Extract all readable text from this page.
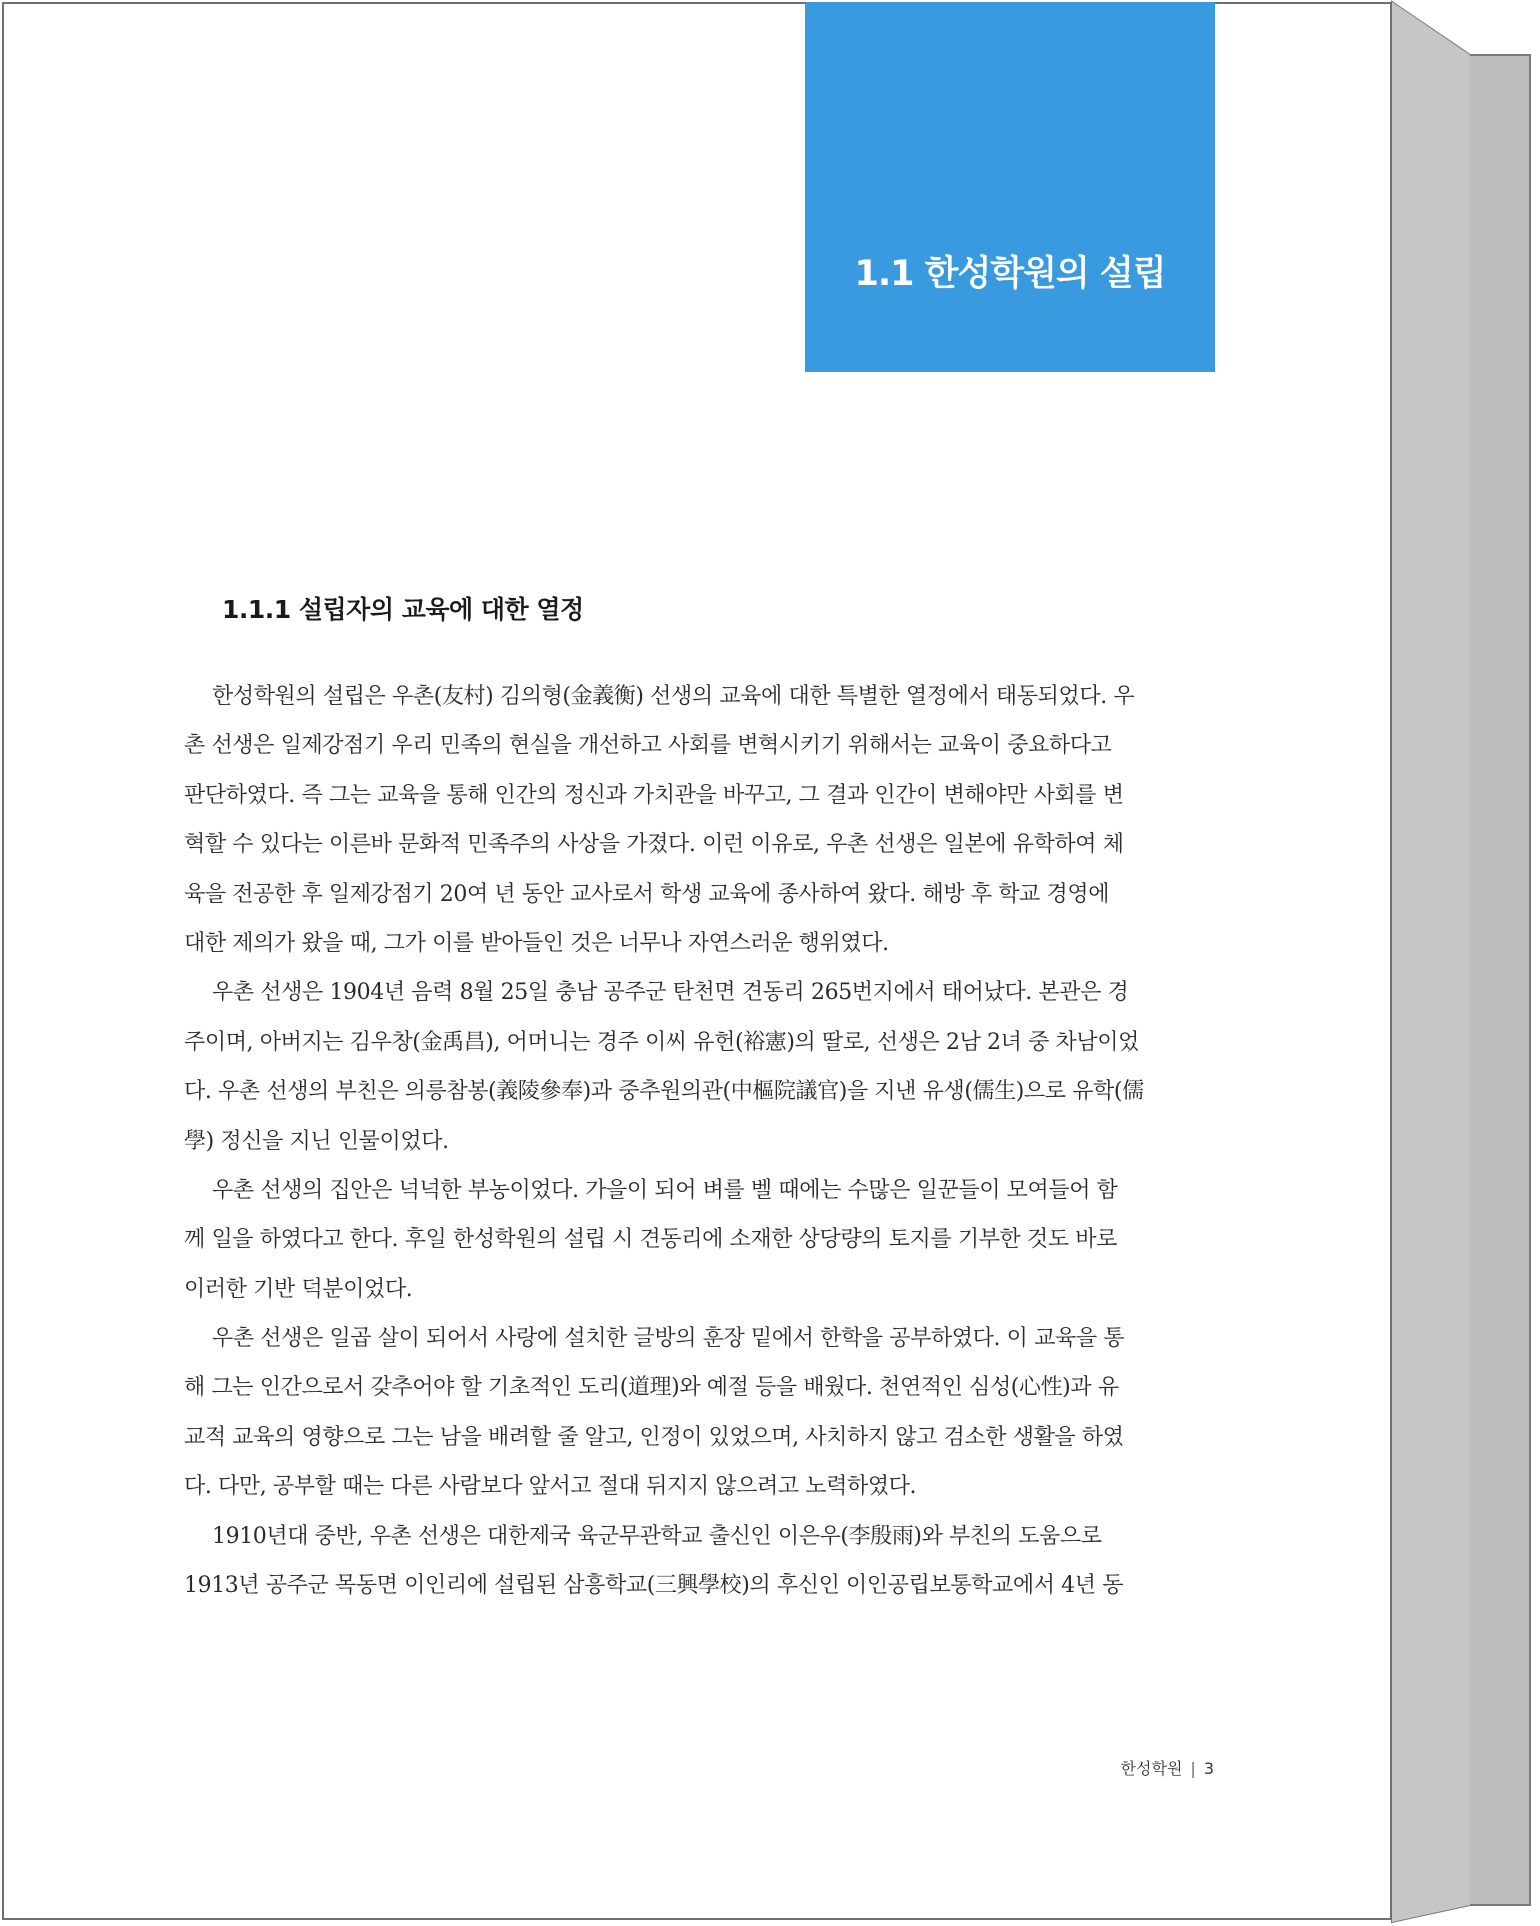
1.1 한성학원의 설립
1.1.1 설립자의 교육에 대한 열정
한성학원의 설립은 우촌(友村) 김의형(金義衡) 선생의 교육에 대한 특별한 열정에서 태동되었다. 우
촌 선생은 일제강점기 우리 민족의 현실을 개선하고 사회를 변혁시키기 위해서는 교육이 중요하다고
판단하였다. 즉 그는 교육을 통해 인간의 정신과 가치관을 바꾸고, 그 결과 인간이 변해야만 사회를 변
혁할 수 있다는 이른바 문화적 민족주의 사상을 가졌다. 이런 이유로, 우촌 선생은 일본에 유학하여 체
육을 전공한 후 일제강점기 20여 년 동안 교사로서 학생 교육에 종사하여 왔다. 해방 후 학교 경영에
대한 제의가 왔을 때, 그가 이를 받아들인 것은 너무나 자연스러운 행위였다.
우촌 선생은 1904년 음력 8월 25일 충남 공주군 탄천면 견동리 265번지에서 태어났다. 본관은 경
주이며, 아버지는 김우창(金禹昌), 어머니는 경주 이씨 유헌(裕憲)의 딸로, 선생은 2남 2녀 중 차남이었
다. 우촌 선생의 부친은 의릉참봉(義陵參奉)과 중추원의관(中樞院議官)을 지낸 유생(儒生)으로 유학(儒
學) 정신을 지닌 인물이었다.
우촌 선생의 집안은 넉넉한 부농이었다. 가을이 되어 벼를 벨 때에는 수많은 일꾼들이 모여들어 함
께 일을 하였다고 한다. 후일 한성학원의 설립 시 견동리에 소재한 상당량의 토지를 기부한 것도 바로
이러한 기반 덕분이었다.
우촌 선생은 일곱 살이 되어서 사랑에 설치한 글방의 훈장 밑에서 한학을 공부하였다. 이 교육을 통
해 그는 인간으로서 갖추어야 할 기초적인 도리(道理)와 예절 등을 배웠다. 천연적인 심성(心性)과 유
교적 교육의 영향으로 그는 남을 배려할 줄 알고, 인정이 있었으며, 사치하지 않고 검소한 생활을 하였
다. 다만, 공부할 때는 다른 사람보다 앞서고 절대 뒤지지 않으려고 노력하였다.
1910년대 중반, 우촌 선생은 대한제국 육군무관학교 출신인 이은우(李殷雨)와 부친의 도움으로
1913년 공주군 목동면 이인리에 설립된 삼흥학교(三興學校)의 후신인 이인공립보통학교에서 4년 동
한성학원 | 3
